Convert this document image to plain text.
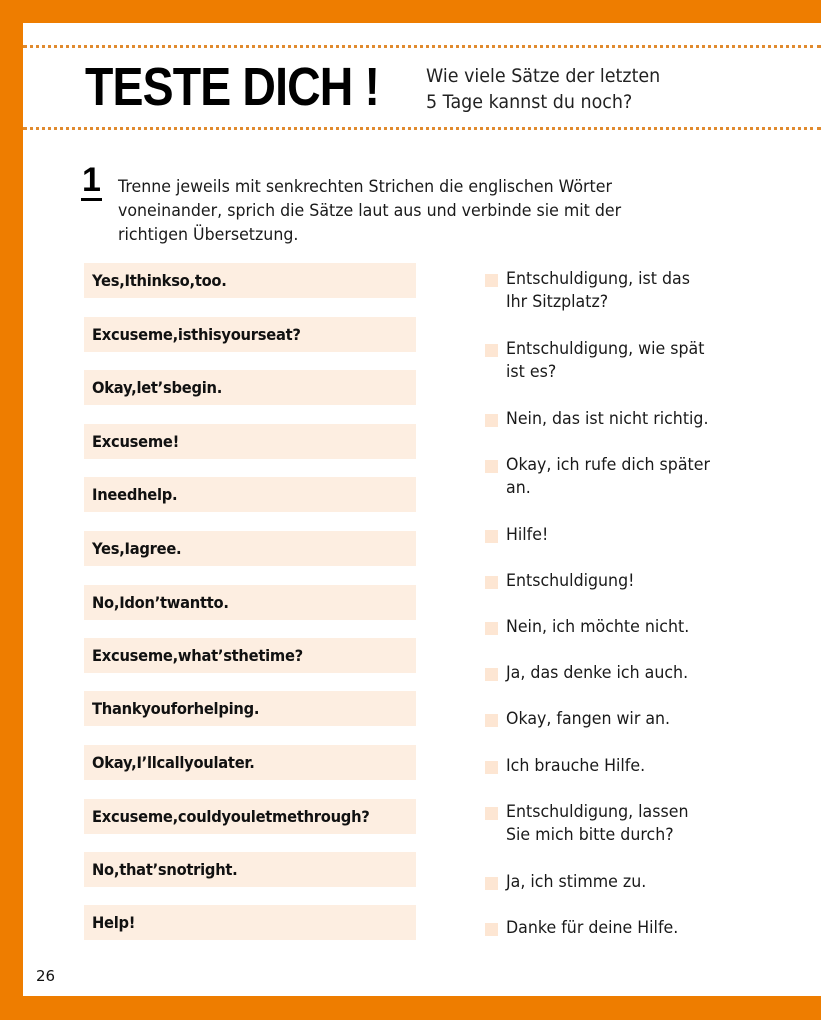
TESTE DICH ! Wie viele Sätze der letzten
5 Tage kannst du noch?
1 Trenne jeweils mit senkrechten Strichen die englischen Wörter
voneinander, sprich die Sätze laut aus und verbinde sie mit der
richtigen Übersetzung.
Yes,Ithinkso,too.
Excuseme,isthisyourseat?
Okay,let’sbegin.
Excuseme!
Ineedhelp.
Yes,Iagree.
No,Idon’twantto.
Excuseme,what’sthetime?
Thankyouforhelping.
Okay,I’llcallyoulater.
Excuseme,couldyouletmethrough?
No,that’snotright.
Help!
Entschuldigung, ist das
Ihr Sitzplatz?
Entschuldigung, wie spät
ist es?
Nein, das ist nicht richtig.
Okay, ich rufe dich später
an.
Hilfe!
Entschuldigung!
Nein, ich möchte nicht.
Ja, das denke ich auch.
Okay, fangen wir an.
Ich brauche Hilfe.
Entschuldigung, lassen
Sie mich bitte durch?
Ja, ich stimme zu.
Danke für deine Hilfe.
26
